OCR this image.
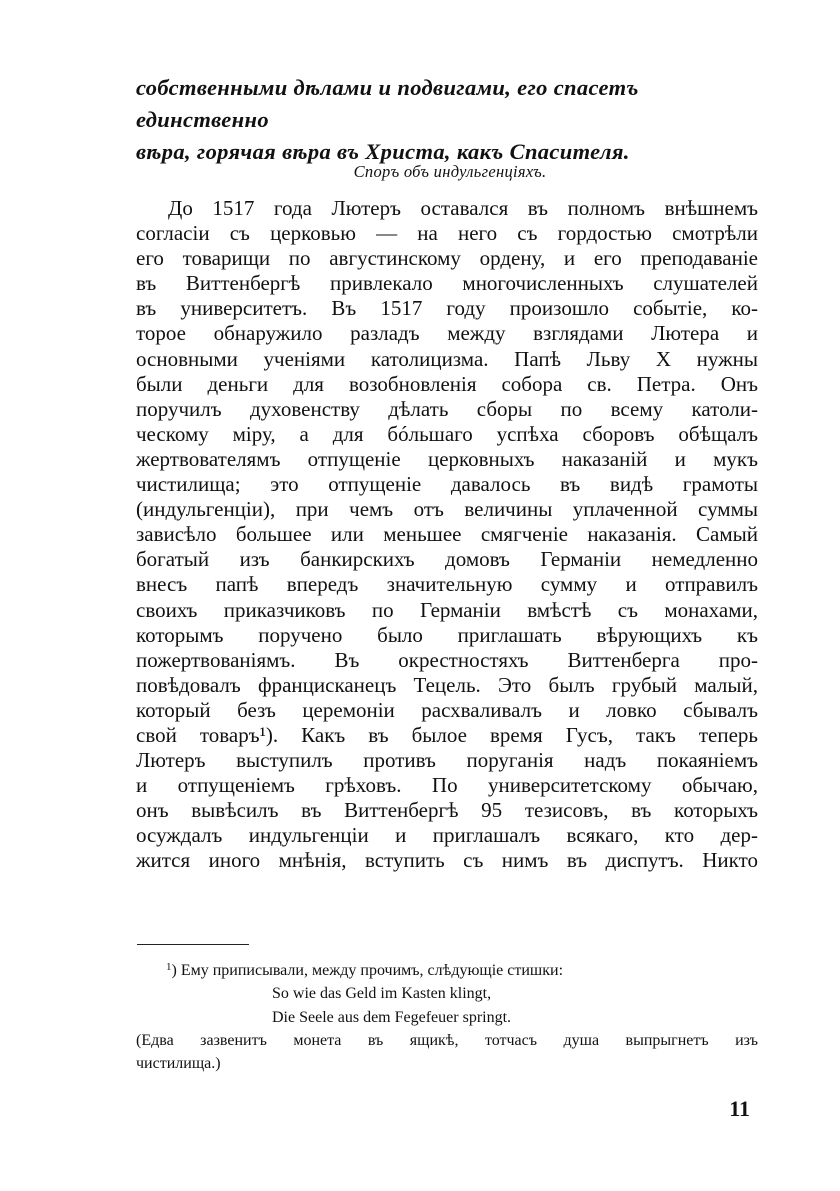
собственными дѣлами и подвигами, его спасетъ единственно
вѣра, горячая вѣра въ Христа, какъ Спасителя.

Споръ объ индульгенціяхъ.

До 1517 года Лютеръ оставался въ полномъ внѣшнемъ
согласіи съ церковью — на него съ гордостью смотрѣли
его товарищи по августинскому ордену, и его преподаваніе
въ Виттенбергѣ привлекало многочисленныхъ слушателей
въ университетъ. Въ 1517 году произошло событіе, ко-
торое обнаружило разладъ между взглядами Лютера и
основными ученіями католицизма. Папѣ Льву X нужны
были деньги для возобновленія собора св. Петра. Онъ
поручилъ духовенству дѣлать сборы по всему католи-
ческому міру, а для бóльшаго успѣха сборовъ обѣщалъ
жертвователямъ отпущеніе церковныхъ наказаній и мукъ
чистилища; это отпущеніе давалось въ видѣ грамоты
(индульгенціи), при чемъ отъ величины уплаченной суммы
зависѣло большее или меньшее смягченіе наказанія. Самый
богатый изъ банкирскихъ домовъ Германіи немедленно
внесъ папѣ впередъ значительную сумму и отправилъ
своихъ приказчиковъ по Германіи вмѣстѣ съ монахами,
которымъ поручено было приглашать вѣрующихъ къ
пожертвованіямъ. Въ окрестностяхъ Виттенберга про-
повѣдовалъ францисканецъ Тецель. Это былъ грубый малый,
который безъ церемоніи расхваливалъ и ловко сбывалъ
свой товаръ¹). Какъ въ былое время Гусъ, такъ теперь
Лютеръ выступилъ противъ поруганія надъ покаяніемъ
и отпущеніемъ грѣховъ. По университетскому обычаю,
онъ вывѣсилъ въ Виттенбергѣ 95 тезисовъ, въ которыхъ
осуждалъ индульгенціи и приглашалъ всякаго, кто дер-
жится иного мнѣнія, вступить съ нимъ въ диспутъ. Никто

$^1$) Ему приписывали, между прочимъ, слѣдующіе стишки:
So wie das Geld im Kasten klingt,
Die Seele aus dem Fegefeuer springt.
(Едва зазвенитъ монета въ ящикѣ, тотчасъ душа выпрыгнетъ изъ
чистилища.)

11
